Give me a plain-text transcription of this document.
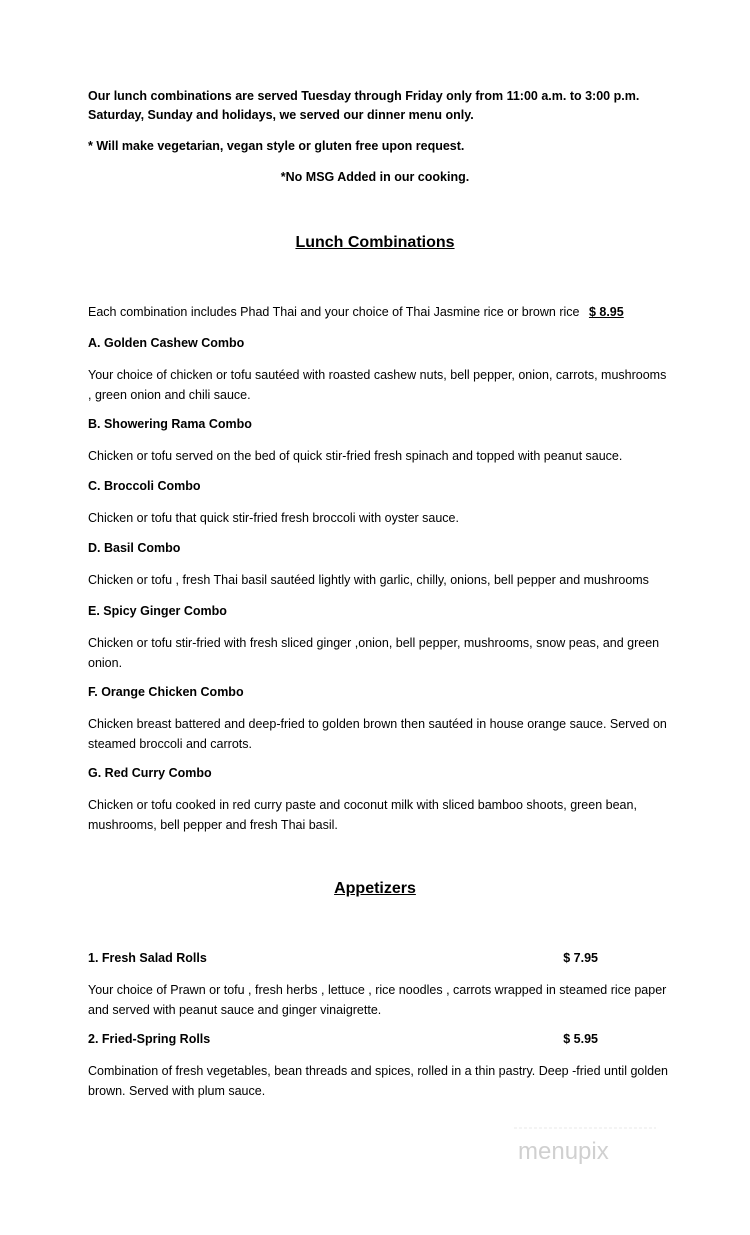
Our lunch combinations are served Tuesday through Friday only from 11:00 a.m. to 3:00 p.m.
Saturday, Sunday and holidays, we served our dinner menu only.
* Will make vegetarian, vegan style or gluten free upon request.
*No MSG Added in our cooking.
Lunch Combinations
Each combination includes Phad Thai and your choice of Thai Jasmine rice or brown rice $ 8.95
A. Golden Cashew Combo
Your choice of chicken or tofu sautéed with roasted cashew nuts, bell pepper, onion, carrots, mushrooms , green onion and chili sauce.
B. Showering Rama Combo
Chicken or tofu served on the bed of quick stir-fried fresh spinach and topped with peanut sauce.
C. Broccoli Combo
Chicken or tofu that quick stir-fried fresh broccoli with oyster sauce.
D. Basil Combo
Chicken or tofu , fresh Thai basil sautéed lightly with garlic, chilly, onions, bell pepper and mushrooms
E. Spicy Ginger Combo
Chicken or tofu stir-fried with fresh sliced ginger ,onion, bell pepper, mushrooms, snow peas, and green onion.
F. Orange Chicken Combo
Chicken breast battered and deep-fried to golden brown then sautéed in house orange sauce. Served on steamed broccoli and carrots.
G. Red Curry Combo
Chicken or tofu cooked in red curry paste and coconut milk with sliced bamboo shoots, green bean, mushrooms, bell pepper and fresh Thai basil.
Appetizers
1. Fresh Salad Rolls	$ 7.95
Your choice of Prawn or tofu , fresh herbs , lettuce , rice noodles , carrots wrapped in steamed rice paper and served with peanut sauce and ginger vinaigrette.
2. Fried-Spring Rolls	$ 5.95
Combination of fresh vegetables, bean threads and spices, rolled in a thin pastry. Deep -fried until golden brown. Served with plum sauce.
menupix
